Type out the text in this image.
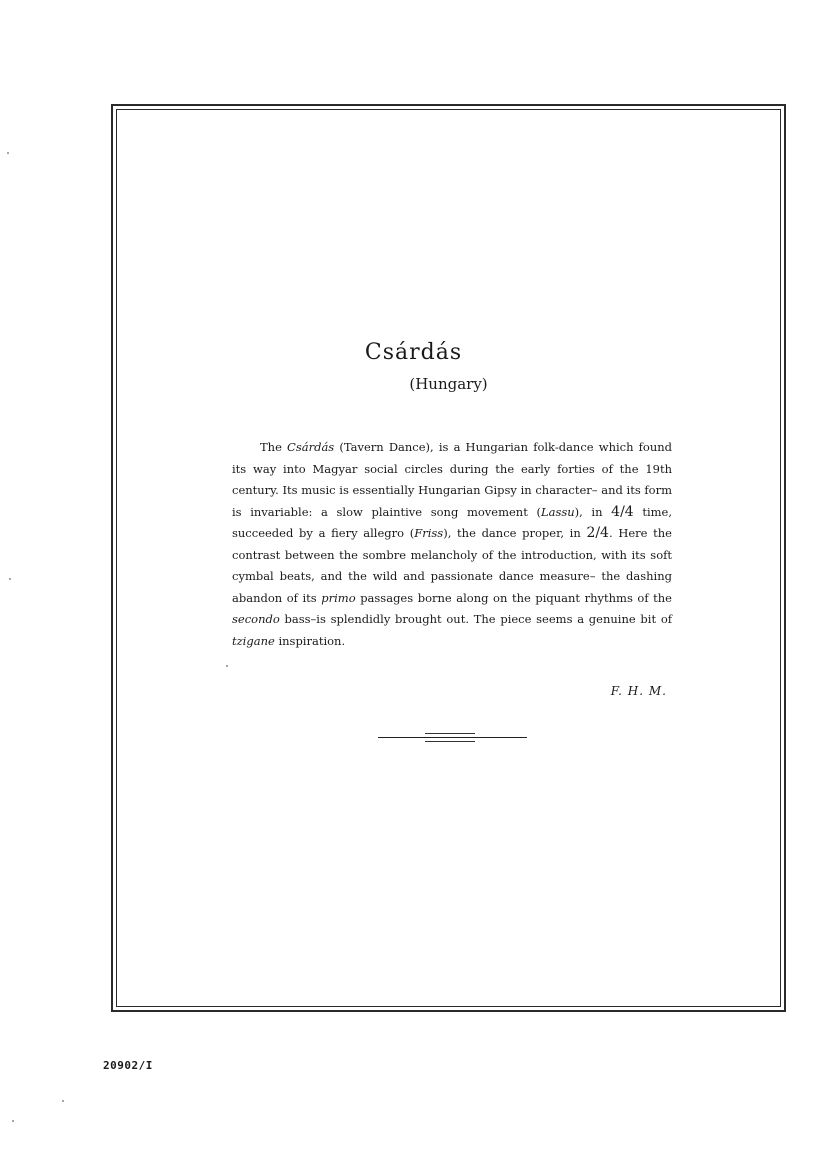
Csárdás
(Hungary)

The Csárdás (Tavern Dance), is a Hungarian folk-dance which found its way into Magyar social circles during the early forties of the 19th century. Its music is essentially Hungarian Gipsy in character– and its form is invariable: a slow plaintive song movement (Lassu), in 4/4 time, succeeded by a fiery allegro (Friss), the dance proper, in 2/4. Here the contrast between the sombre melancholy of the introduction, with its soft cymbal beats, and the wild and passionate dance measure– the dashing abandon of its primo passages borne along on the piquant rhythms of the secondo bass–is splendidly brought out. The piece seems a genuine bit of tzigane inspiration.

F. H. M.
20902/I
